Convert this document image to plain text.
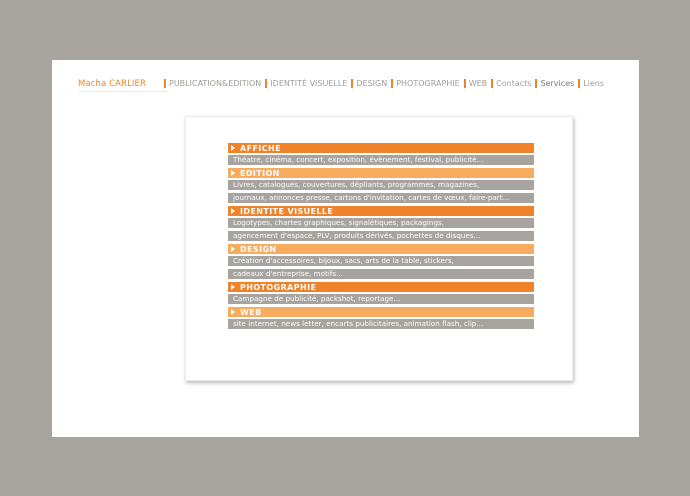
Macha CARLIER	PUBLICATION&EDITION IDENTITÉ VISUELLE DESIGN PHOTOGRAPHIE WEB Contacts Services Liens
AFFICHE
Théatre, cinéma, concert, exposition, évènement, festival, publicité...
EDITION
Livres, catalogues, couvertures, dépliants, programmes, magazines,
journaux, annonces presse, cartons d'invitation, cartes de vœux, faire-part...
IDENTITE VISUELLE
Logotypes, chartes graphiques, signalétiques, packagings,
agencement d'espace, PLV, produits dérivés, pochettes de disques...
DESIGN
Création d'accessoires, bijoux, sacs, arts de la table, stickers,
cadeaux d'entreprise, motifs...
PHOTOGRAPHIE
Campagne de publicité, packshot, reportage...
WEB
site internet, news letter, encarts publicitaires, animation flash, clip...
